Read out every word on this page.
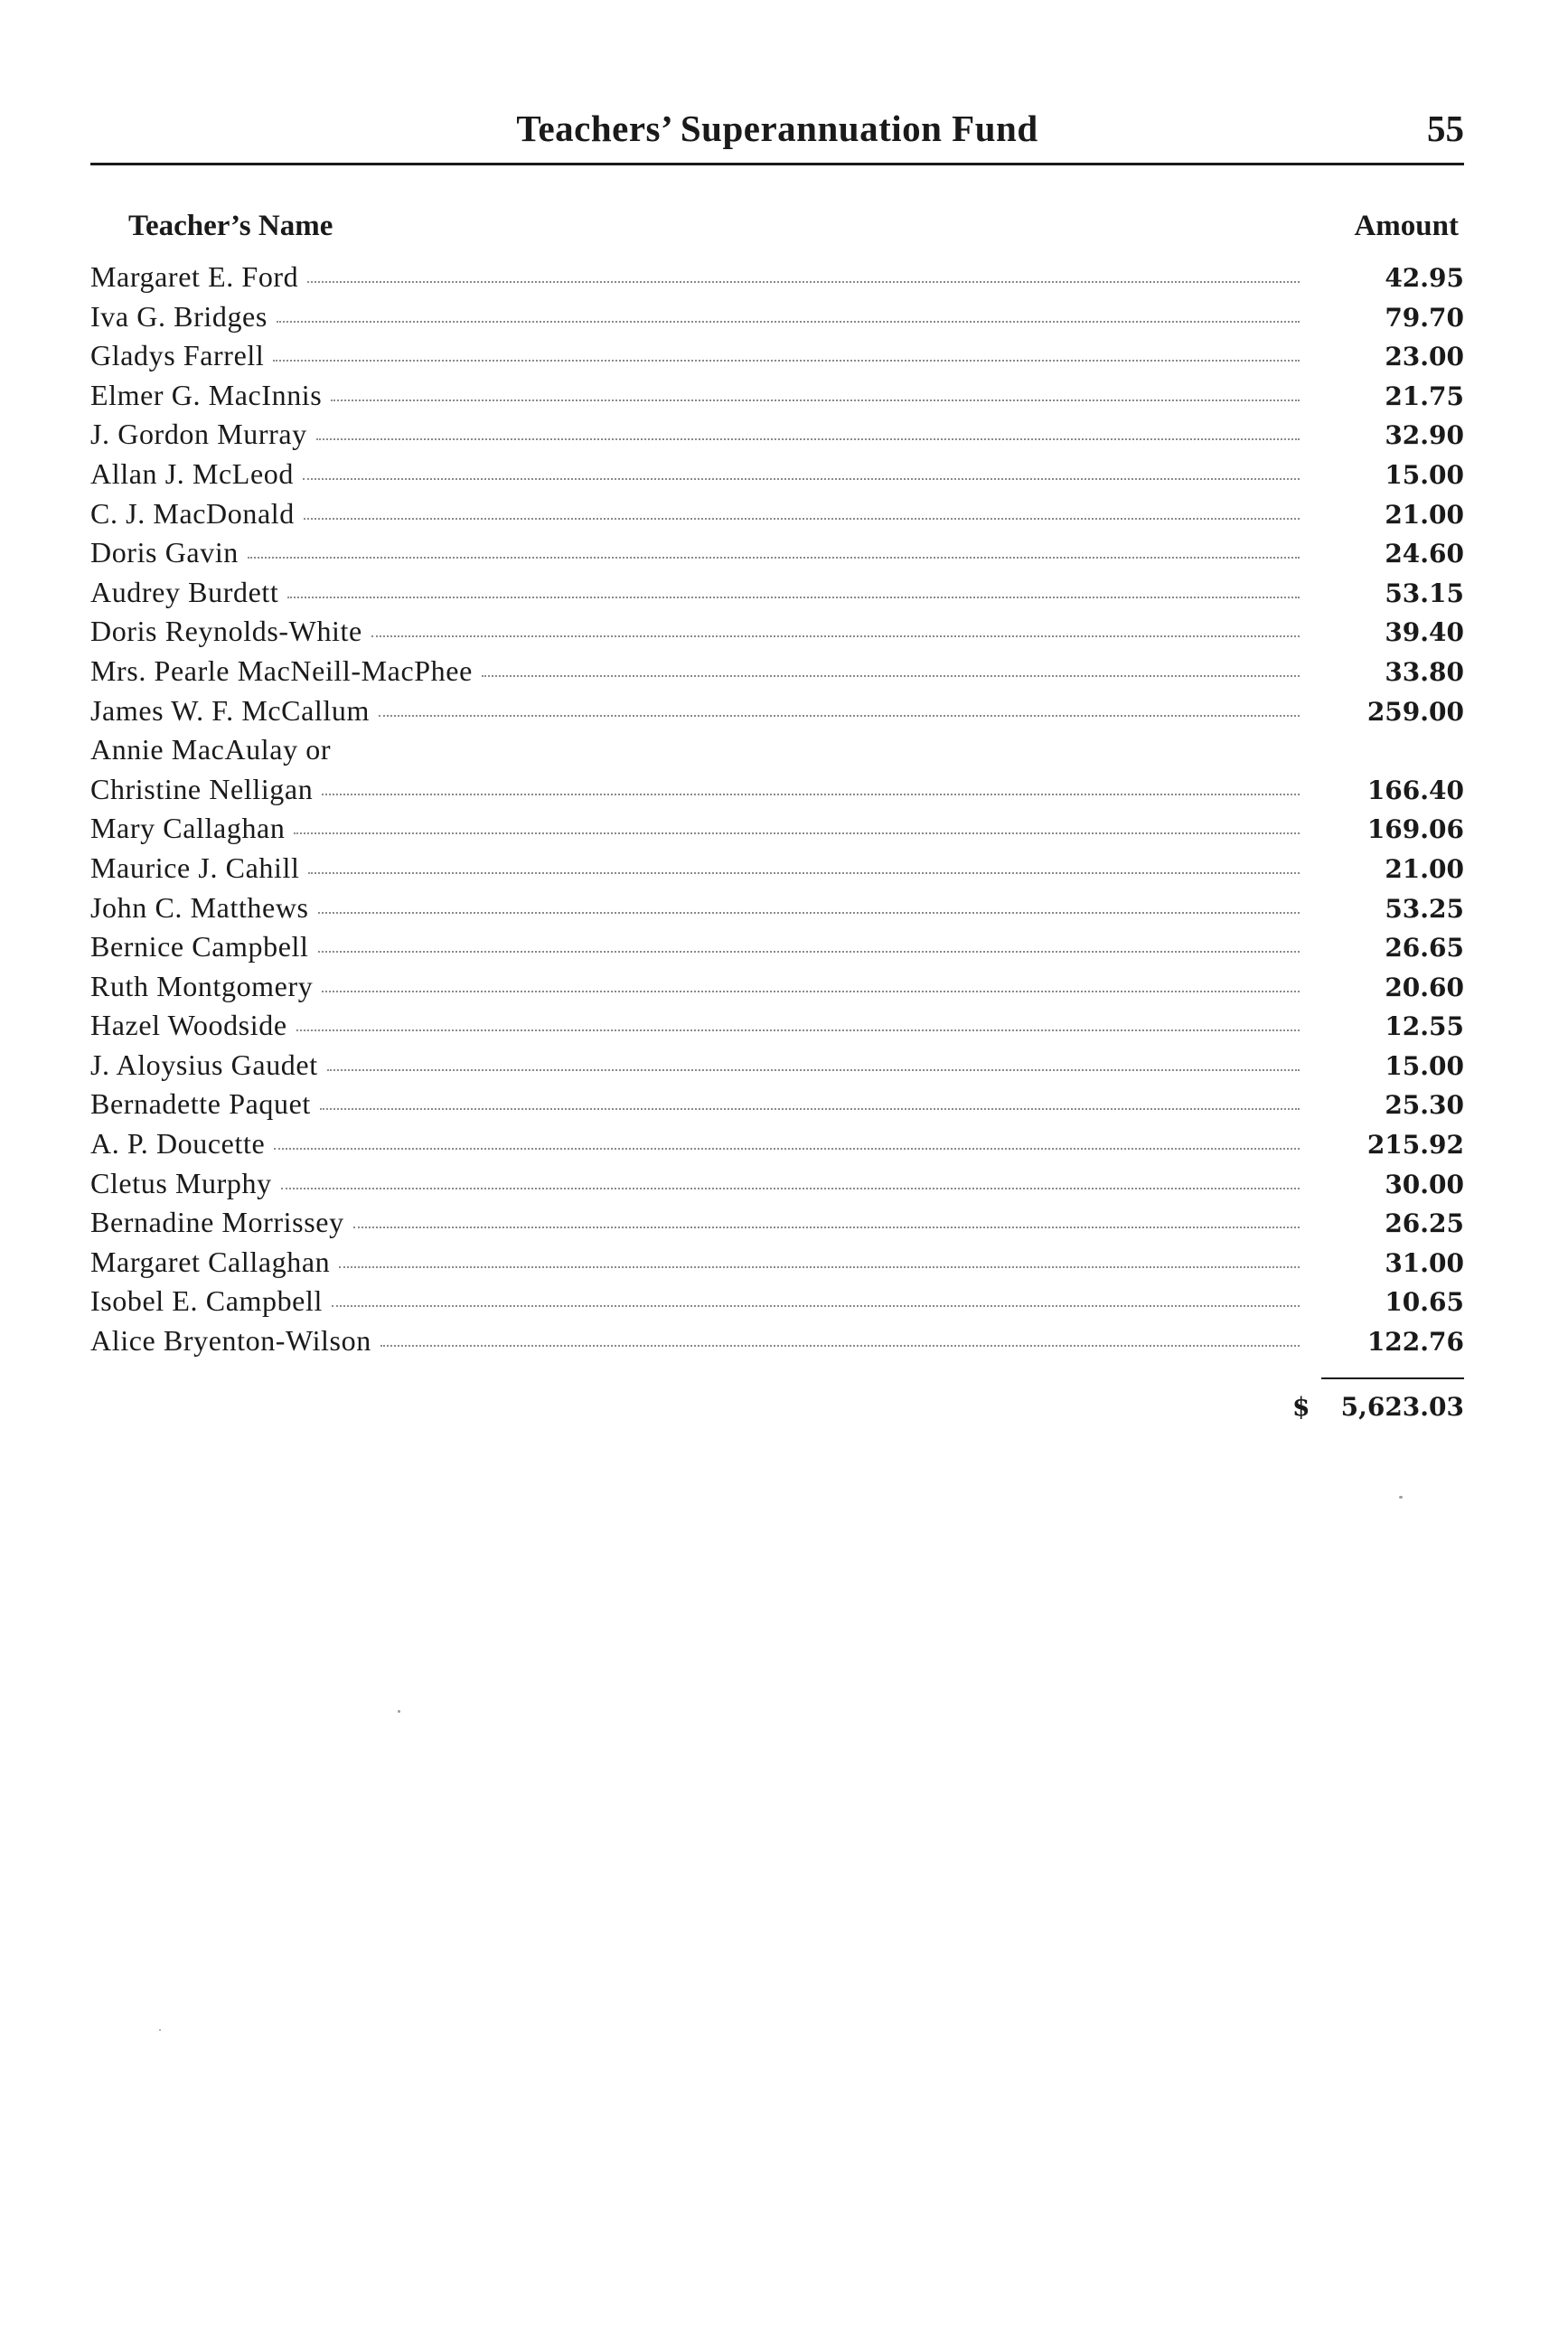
Teachers’ Superannuation Fund	55
Teacher’s Name	Amount
Margaret E. Ford	42.95
Iva G. Bridges	79.70
Gladys Farrell	23.00
Elmer G. MacInnis	21.75
J. Gordon Murray	32.90
Allan J. McLeod	15.00
C. J. MacDonald	21.00
Doris Gavin	24.60
Audrey Burdett	53.15
Doris Reynolds-White	39.40
Mrs. Pearle MacNeill-MacPhee	33.80
James W. F. McCallum	259.00
Annie MacAulay or
Christine Nelligan	166.40
Mary Callaghan	169.06
Maurice J. Cahill	21.00
John C. Matthews	53.25
Bernice Campbell	26.65
Ruth Montgomery	20.60
Hazel Woodside	12.55
J. Aloysius Gaudet	15.00
Bernadette Paquet	25.30
A. P. Doucette	215.92
Cletus Murphy	30.00
Bernadine Morrissey	26.25
Margaret Callaghan	31.00
Isobel E. Campbell	10.65
Alice Bryenton-Wilson	122.76
$ 5,623.03
